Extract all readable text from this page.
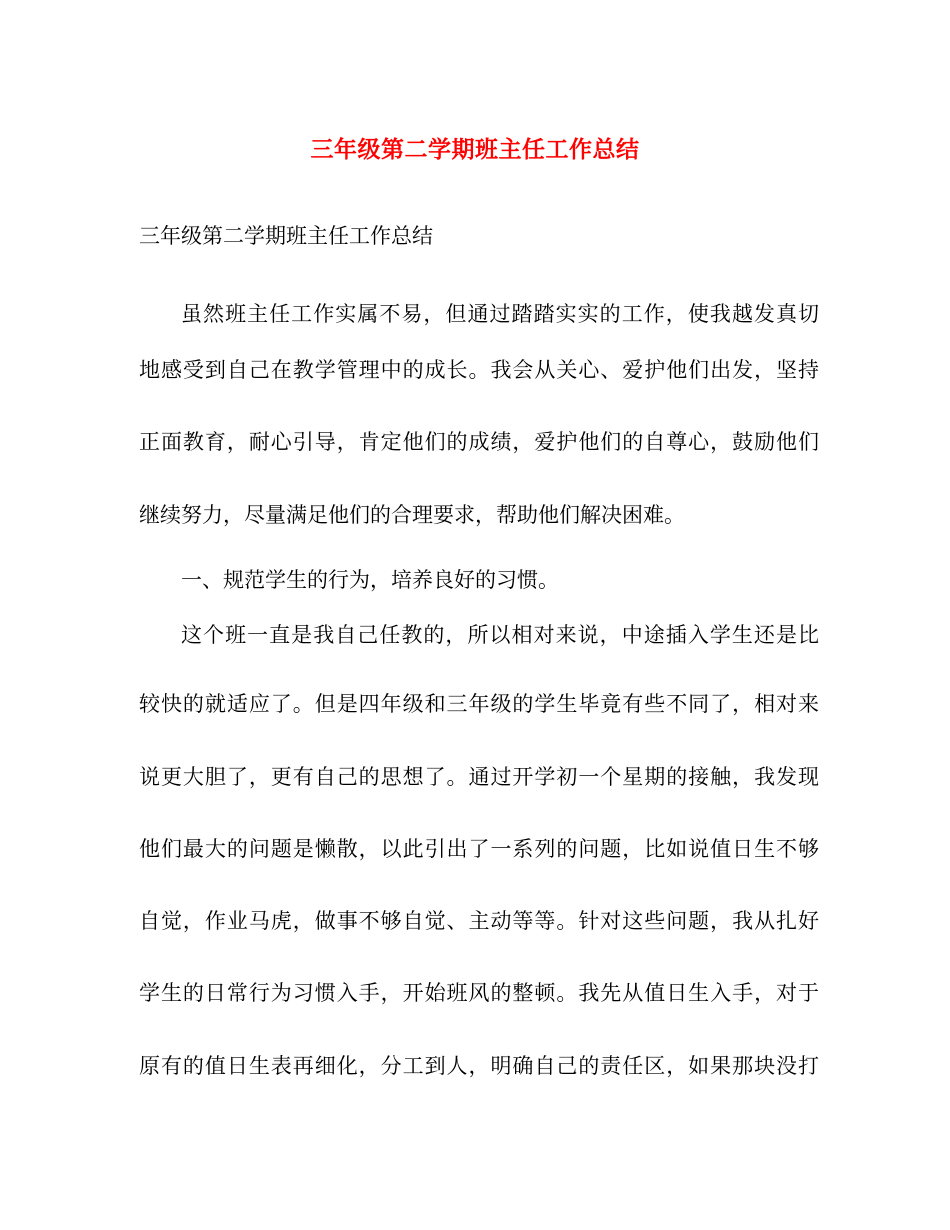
三年级第二学期班主任工作总结

三年级第二学期班主任工作总结

虽然班主任工作实属不易，但通过踏踏实实的工作，使我越发真切

地感受到自己在教学管理中的成长。我会从关心、爱护他们出发，坚持

正面教育，耐心引导，肯定他们的成绩，爱护他们的自尊心，鼓励他们

继续努力，尽量满足他们的合理要求，帮助他们解决困难。

一、规范学生的行为，培养良好的习惯。

这个班一直是我自己任教的，所以相对来说，中途插入学生还是比

较快的就适应了。但是四年级和三年级的学生毕竟有些不同了，相对来

说更大胆了，更有自己的思想了。通过开学初一个星期的接触，我发现

他们最大的问题是懒散，以此引出了一系列的问题，比如说值日生不够

自觉，作业马虎，做事不够自觉、主动等等。针对这些问题，我从扎好

学生的日常行为习惯入手，开始班风的整顿。我先从值日生入手，对于

原有的值日生表再细化，分工到人，明确自己的责任区，如果那块没打
